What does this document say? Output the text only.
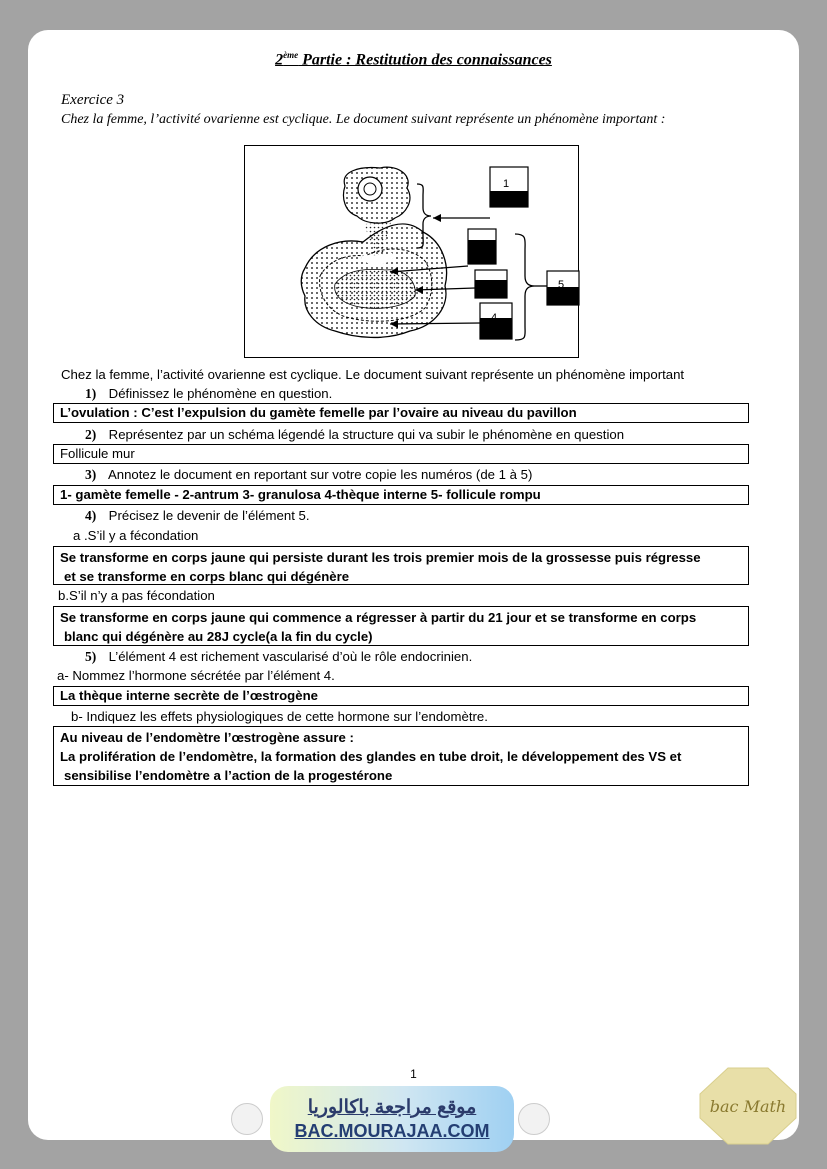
2ème Partie : Restitution des connaissances
Exercice 3
Chez la femme, l’activité ovarienne est cyclique. Le document suivant représente un phénomène important :
1
5
4
Chez la femme, l’activité ovarienne est cyclique. Le document suivant représente un phénomène important
1) Définissez le phénomène en question.
L’ovulation : C’est l’expulsion du gamète femelle par l’ovaire au niveau du pavillon
2) Représentez par un schéma légendé la structure qui va subir le phénomène en question
Follicule mur
3) Annotez le document en reportant sur votre copie les numéros (de 1 à 5)
1- gamète femelle - 2-antrum 3- granulosa 4-thèque interne 5- follicule rompu
4) Précisez le devenir de l’élément 5.
a .S’il y a fécondation
Se transforme en corps jaune qui persiste durant les trois premier mois de la grossesse puis régresse
et se transforme en corps blanc qui dégénère
b.S’il n’y a pas fécondation
Se transforme en corps jaune qui commence a régresser à partir du 21 jour et se transforme en corps
blanc qui dégénère au 28J cycle(a la fin du cycle)
5) L’élément 4 est richement vascularisé d’où le rôle endocrinien.
a- Nommez l’hormone sécrétée par l’élément 4.
La thèque interne secrète de l’œstrogène
b- Indiquez les effets physiologiques de cette hormone sur l’endomètre.
Au niveau de l’endomètre l’œstrogène assure :
La prolifération de l’endomètre, la formation des glandes en tube droit, le développement des VS et
sensibilise l’endomètre a l’action de la progestérone
1
موقع مراجعة باكالوريا
BAC.MOURAJAA.COM
bac Math
